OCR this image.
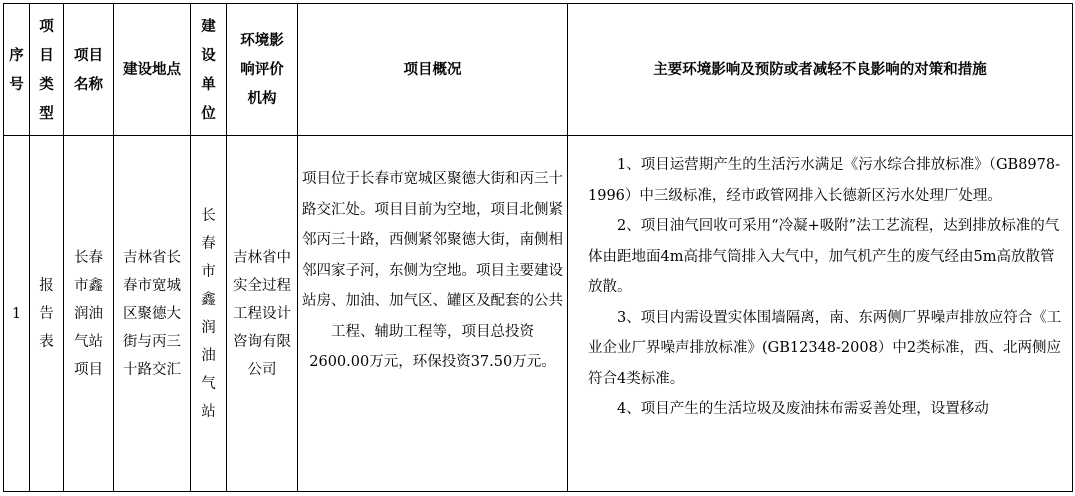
序号	项目类型	项目名称	建设地点	建设单位	环境影响评价机构	项目概况	主要环境影响及预防或者减轻不良影响的对策和措施
1	报告表	长春市鑫润油气站项目	吉林省长春市宽城区聚德大街与丙三十路交汇	长春市鑫润油气站	吉林省中实全过程工程设计咨询有限公司	项目位于长春市宽城区聚德大街和丙三十路交汇处。项目目前为空地，项目北侧紧邻丙三十路，西侧紧邻聚德大街，南侧相邻四家子河，东侧为空地。项目主要建设站房、加油、加气区、罐区及配套的公共工程、辅助工程等，项目总投资2600.00万元，环保投资37.50万元。	1、项目运营期产生的生活污水满足《污水综合排放标准》（GB8978-1996）中三级标准，经市政管网排入长德新区污水处理厂处理。

2、项目油气回收可采用“冷凝+吸附”法工艺流程，达到排放标准的气体由距地面4m高排气筒排入大气中，加气机产生的废气经由5m高放散管放散。

3、项目内需设置实体围墙隔离，南、东两侧厂界噪声排放应符合《工业企业厂界噪声排放标准》(GB12348-2008）中2类标准，西、北两侧应符合4类标准。

4、项目产生的生活垃圾及废油抹布需妥善处理，设置移动
